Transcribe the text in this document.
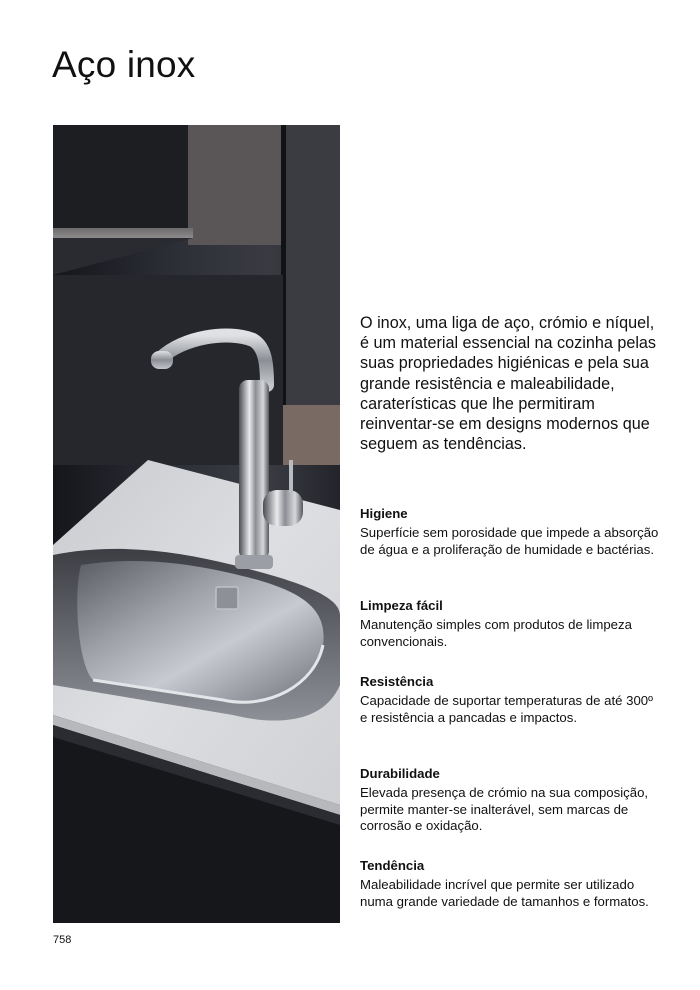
Aço inox

O inox, uma liga de aço, crómio e níquel, é um material essencial na cozinha pelas suas propriedades higiénicas e pela sua grande resistência e maleabilidade, caraterísticas que lhe permitiram reinventar-se em designs modernos que seguem as tendências.

Higiene

Superfície sem porosidade que impede a absorção de água e a proliferação de humidade e bactérias.

Limpeza fácil

Manutenção simples com produtos de limpeza convencionais.

Resistência

Capacidade de suportar temperaturas de até 300º e resistência a pancadas e impactos.

Durabilidade

Elevada presença de crómio na sua composição, permite manter-se inalterável, sem marcas de corrosão e oxidação.

Tendência

Maleabilidade incrível que permite ser utilizado numa grande variedade de tamanhos e formatos.

758
